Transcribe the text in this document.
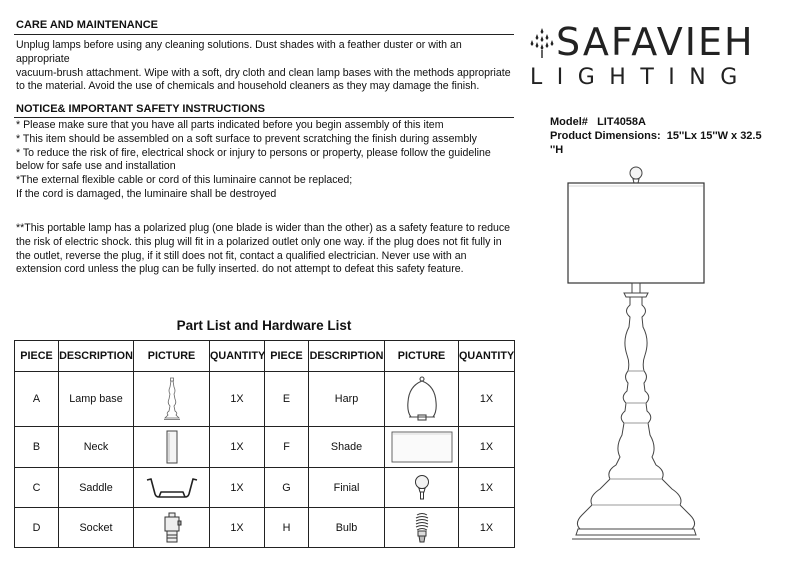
CARE AND MAINTENANCE
Unplug lamps before using any cleaning solutions. Dust shades with a feather duster or with an
appropriate
vacuum-brush attachment. Wipe with a soft, dry cloth and clean lamp bases with the methods appropriate
to the material. Avoid the use of chemicals and household cleaners as they may damage the finish.
NOTICE& IMPORTANT SAFETY INSTRUCTIONS
* Please make sure that you have all parts indicated before you begin assembly of this item
* This item should be assembled on a soft surface to prevent scratching the finish during assembly
* To reduce the risk of fire, electrical shock or injury to persons or property, please follow the guideline
below for safe use and installation
*The external flexible cable or cord of this luminaire cannot be replaced;
If the cord is damaged, the luminaire shall be destroyed
**This portable lamp has a polarized plug (one blade is wider than the other) as a safety feature to reduce
the risk of electric shock. this plug will fit in a polarized outlet only one way. if the plug does not fit fully in
the outlet, reverse the plug, if it still does not fit, contact a qualified electrician. Never use with an
extension cord unless the plug can be fully inserted. do not attempt to defeat this safety feature.
Part List and Hardware List
PIECE	DESCRIPTION	PICTURE	QUANTITY	PIECE	DESCRIPTION	PICTURE	QUANTITY
A	Lamp base		1X	E	Harp		1X
B	Neck		1X	F	Shade		1X
C	Saddle		1X	G	Finial		1X
D	Socket		1X	H	Bulb		1X
SAFAVIEH
LIGHTING
Model# LIT4058A
Product Dimensions: 15''Lx 15''W x 32.5
''H
